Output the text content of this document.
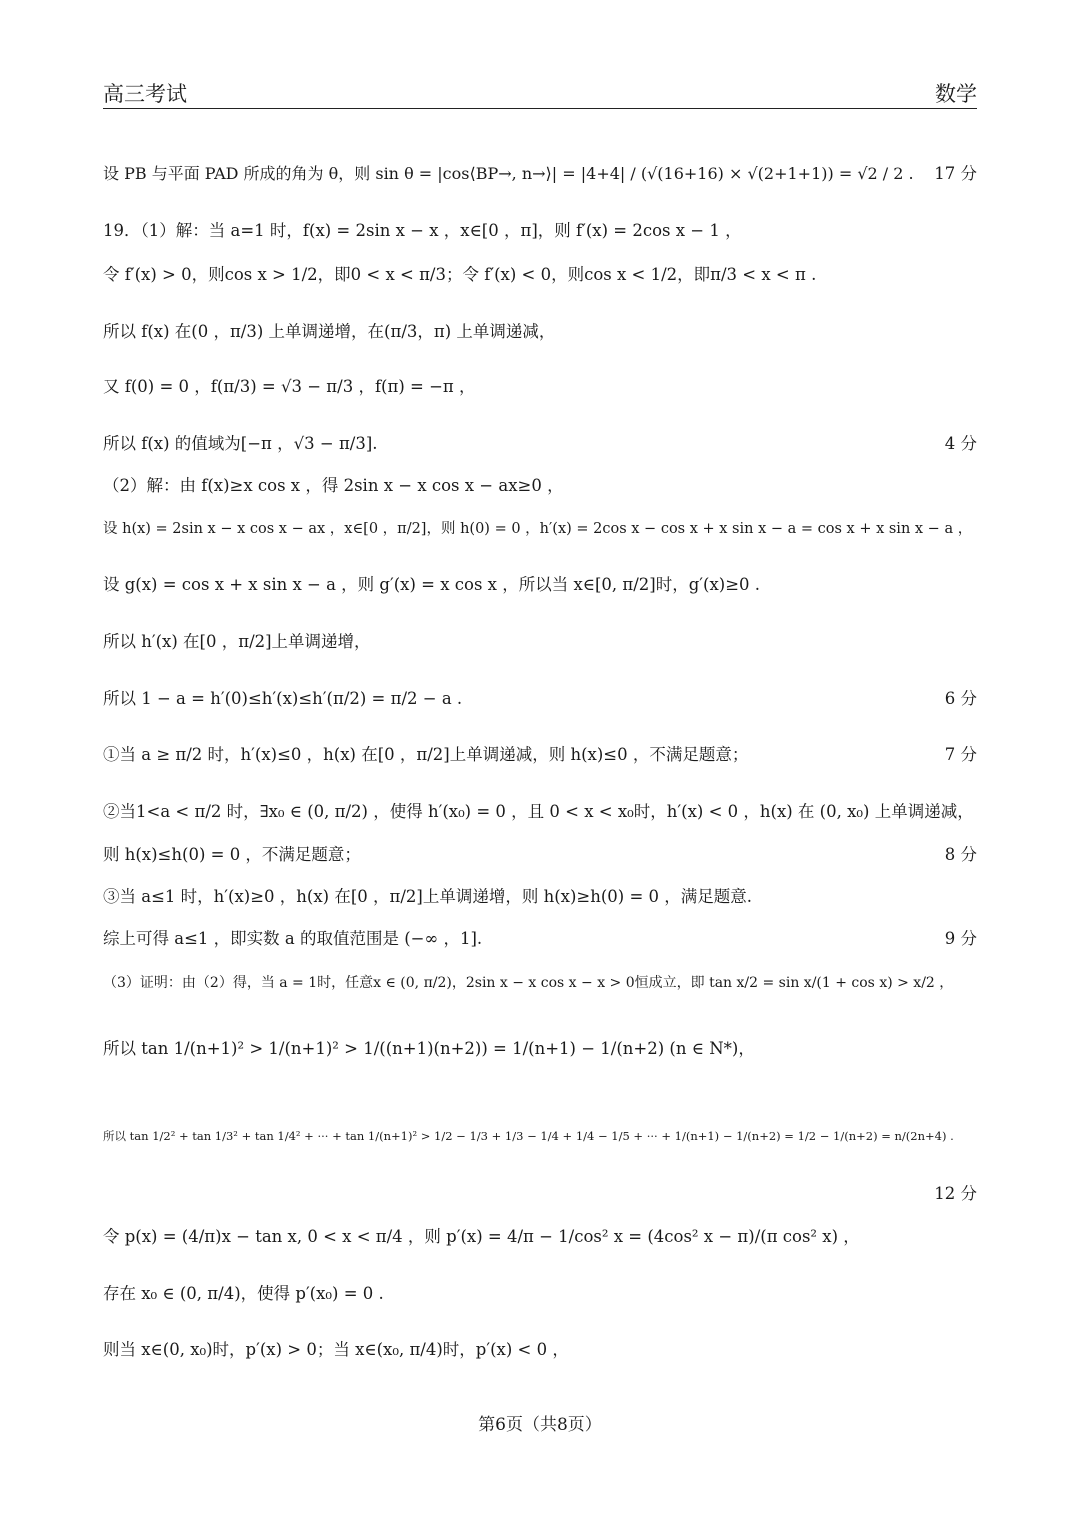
高三考试	数学
设 PB 与平面 PAD 所成的角为 θ，则 sin θ = |cos⟨BP→, n→⟩| = |4+4| / (√(16+16) × √(2+1+1)) = √2 / 2 . 17 分
19．（1）解：当 a=1 时，f(x) = 2sin x − x ，x∈[0 ，π]，则 f′(x) = 2cos x − 1 ，
令 f′(x) > 0，则cos x > 1/2，即0 < x < π/3；令 f′(x) < 0，则cos x < 1/2，即π/3 < x < π .
所以 f(x) 在(0 ，π/3) 上单调递增，在(π/3，π) 上单调递减，
又 f(0) = 0 ，f(π/3) = √3 − π/3 ，f(π) = −π ，
所以 f(x) 的值域为[−π ，√3 − π/3].	4 分
（2）解：由 f(x)≥x cos x ，得 2sin x − x cos x − ax≥0 ，
设 h(x) = 2sin x − x cos x − ax ，x∈[0 ，π/2]，则 h(0) = 0 ，h′(x) = 2cos x − cos x + x sin x − a = cos x + x sin x − a ，
设 g(x) = cos x + x sin x − a ，则 g′(x) = x cos x ，所以当 x∈[0, π/2]时，g′(x)≥0 .
所以 h′(x) 在[0 ，π/2]上单调递增，
所以 1 − a = h′(0)≤h′(x)≤h′(π/2) = π/2 − a .	6 分
①当 a ≥ π/2 时，h′(x)≤0 ，h(x) 在[0 ，π/2]上单调递减，则 h(x)≤0 ，不满足题意；	7 分
②当1<a < π/2 时，∃x₀ ∈ (0, π/2) ，使得 h′(x₀) = 0 ，且 0 < x < x₀时，h′(x) < 0 ，h(x) 在 (0, x₀) 上单调递减，
则 h(x)≤h(0) = 0 ，不满足题意；	8 分
③当 a≤1 时，h′(x)≥0 ，h(x) 在[0 ，π/2]上单调递增，则 h(x)≥h(0) = 0 ，满足题意.
综上可得 a≤1 ，即实数 a 的取值范围是 (−∞ ，1].	9 分
（3）证明：由（2）得，当 a = 1时，任意x ∈ (0, π/2)，2sin x − x cos x − x > 0恒成立，即 tan x/2 = sin x/(1 + cos x) > x/2 ，
所以 tan 1/(n+1)² > 1/(n+1)² > 1/((n+1)(n+2)) = 1/(n+1) − 1/(n+2) (n ∈ N*)，
所以 tan 1/2² + tan 1/3² + tan 1/4² + ··· + tan 1/(n+1)² > 1/2 − 1/3 + 1/3 − 1/4 + 1/4 − 1/5 + ··· + 1/(n+1) − 1/(n+2) = 1/2 − 1/(n+2) = n/(2n+4) .
12 分
令 p(x) = (4/π)x − tan x, 0 < x < π/4 ，则 p′(x) = 4/π − 1/cos² x = (4cos² x − π)/(π cos² x) ，
存在 x₀ ∈ (0, π/4)，使得 p′(x₀) = 0 .
则当 x∈(0, x₀)时，p′(x) > 0；当 x∈(x₀, π/4)时，p′(x) < 0 ，
第6页（共8页）
